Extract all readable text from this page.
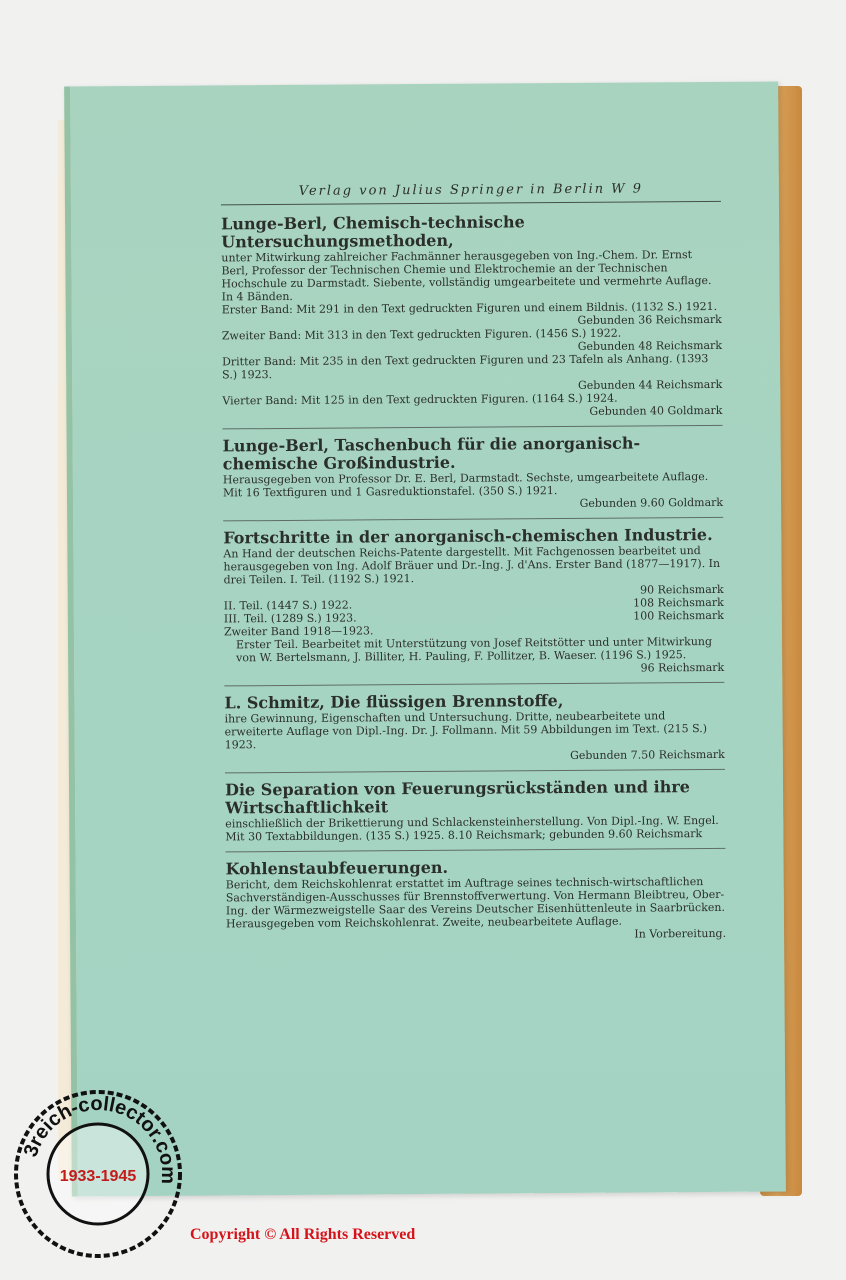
Verlag von Julius Springer in Berlin W 9
Lunge-Berl, Chemisch-technische Untersuchungsmethoden,
unter Mitwirkung zahlreicher Fachmänner herausgegeben von Ing.-Chem. Dr. Ernst Berl, Professor der Technischen Chemie und Elektrochemie an der Technischen Hochschule zu Darmstadt. Siebente, vollständig umgearbeitete und vermehrte Auflage. In 4 Bänden.
Erster Band: Mit 291 in den Text gedruckten Figuren und einem Bildnis. (1132 S.) 1921.
Gebunden 36 Reichsmark
Zweiter Band: Mit 313 in den Text gedruckten Figuren. (1456 S.) 1922.
Gebunden 48 Reichsmark
Dritter Band: Mit 235 in den Text gedruckten Figuren und 23 Tafeln als Anhang. (1393 S.) 1923.
Gebunden 44 Reichsmark
Vierter Band: Mit 125 in den Text gedruckten Figuren. (1164 S.) 1924.
Gebunden 40 Goldmark
Lunge-Berl, Taschenbuch für die anorganisch-chemische Großindustrie.
Herausgegeben von Professor Dr. E. Berl, Darmstadt. Sechste, umgearbeitete Auflage. Mit 16 Textfiguren und 1 Gasreduktionstafel. (350 S.) 1921.
Gebunden 9.60 Goldmark
Fortschritte in der anorganisch-chemischen Industrie.
An Hand der deutschen Reichs-Patente dargestellt. Mit Fachgenossen bearbeitet und herausgegeben von Ing. Adolf Bräuer und Dr.-Ing. J. d'Ans. Erster Band (1877—1917). In drei Teilen. I. Teil. (1192 S.) 1921.
90 Reichsmark
II. Teil. (1447 S.) 1922.	108 Reichsmark
III. Teil. (1289 S.) 1923.	100 Reichsmark
Zweiter Band 1918—1923.
Erster Teil. Bearbeitet mit Unterstützung von Josef Reitstötter und unter Mitwirkung von W. Bertelsmann, J. Billiter, H. Pauling, F. Pollitzer, B. Waeser. (1196 S.) 1925.
96 Reichsmark
L. Schmitz, Die flüssigen Brennstoffe,
ihre Gewinnung, Eigenschaften und Untersuchung. Dritte, neubearbeitete und erweiterte Auflage von Dipl.-Ing. Dr. J. Follmann. Mit 59 Abbildungen im Text. (215 S.) 1923.
Gebunden 7.50 Reichsmark
Die Separation von Feuerungsrückständen und ihre Wirtschaftlichkeit
einschließlich der Brikettierung und Schlackensteinherstellung. Von Dipl.-Ing. W. Engel. Mit 30 Textabbildungen. (135 S.) 1925. 8.10 Reichsmark; gebunden 9.60 Reichsmark
Kohlenstaubfeuerungen.
Bericht, dem Reichskohlenrat erstattet im Auftrage seines technisch-wirtschaftlichen Sachverständigen-Ausschusses für Brennstoffverwertung. Von Hermann Bleibtreu, Ober-Ing. der Wärmezweigstelle Saar des Vereins Deutscher Eisenhüttenleute in Saarbrücken. Herausgegeben vom Reichskohlenrat. Zweite, neubearbeitete Auflage.
In Vorbereitung.
3reich-collector.com
1933-1945
Copyright © All Rights Reserved
